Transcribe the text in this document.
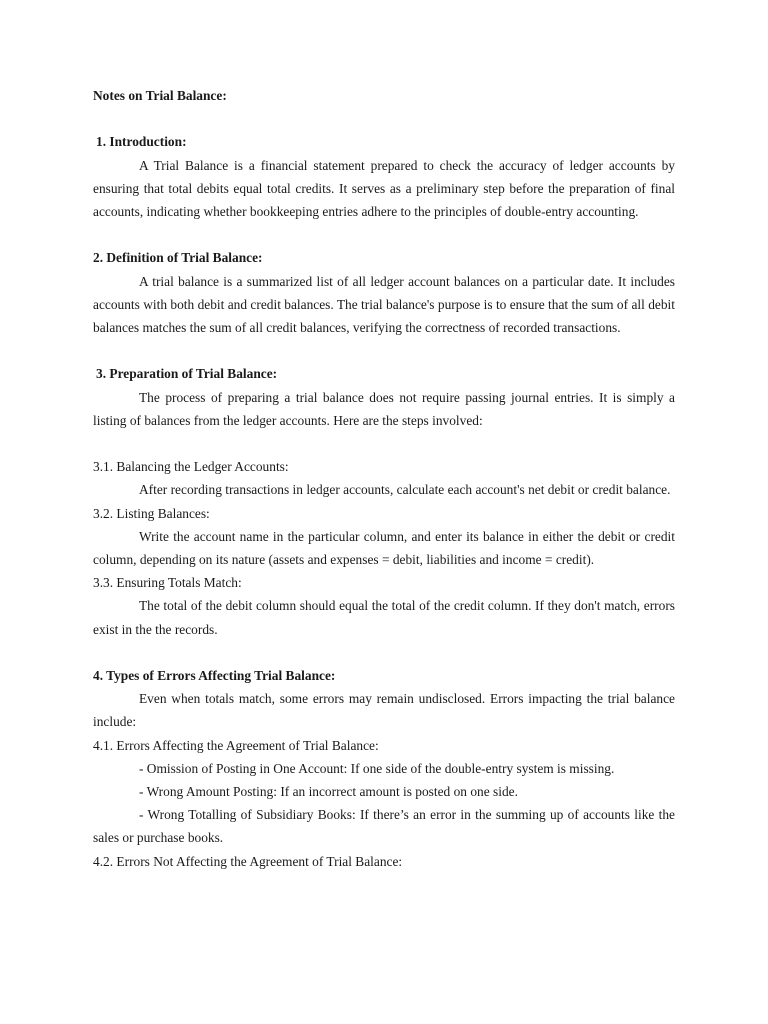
Notes on Trial Balance:

1. Introduction:

A Trial Balance is a financial statement prepared to check the accuracy of ledger accounts by ensuring that total debits equal total credits. It serves as a preliminary step before the preparation of final accounts, indicating whether bookkeeping entries adhere to the principles of double-entry accounting.

2. Definition of Trial Balance:

A trial balance is a summarized list of all ledger account balances on a particular date. It includes accounts with both debit and credit balances. The trial balance's purpose is to ensure that the sum of all debit balances matches the sum of all credit balances, verifying the correctness of recorded transactions.

3. Preparation of Trial Balance:

The process of preparing a trial balance does not require passing journal entries. It is simply a listing of balances from the ledger accounts. Here are the steps involved:

3.1. Balancing the Ledger Accounts:

After recording transactions in ledger accounts, calculate each account's net debit or credit balance.

3.2. Listing Balances:

Write the account name in the particular column, and enter its balance in either the debit or credit column, depending on its nature (assets and expenses = debit, liabilities and income = credit).

3.3. Ensuring Totals Match:

The total of the debit column should equal the total of the credit column. If they don't match, errors exist in the the records.

4. Types of Errors Affecting Trial Balance:

Even when totals match, some errors may remain undisclosed. Errors impacting the trial balance include:

4.1. Errors Affecting the Agreement of Trial Balance:

- Omission of Posting in One Account: If one side of the double-entry system is missing.

- Wrong Amount Posting: If an incorrect amount is posted on one side.

- Wrong Totalling of Subsidiary Books: If there’s an error in the summing up of accounts like the sales or purchase books.

4.2. Errors Not Affecting the Agreement of Trial Balance:
